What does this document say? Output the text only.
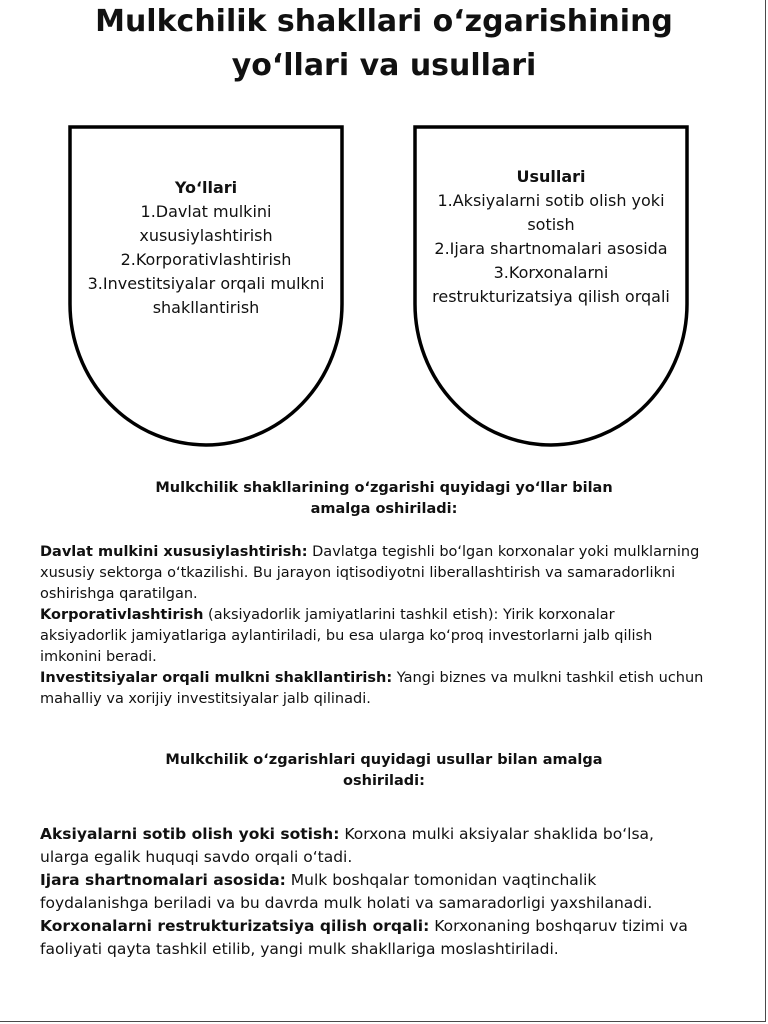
Mulkchilik shakllari o‘zgarishining
yo‘llari va usullari
Yo‘llari
1.Davlat mulkini
xususiylashtirish
2.Korporativlashtirish
3.Investitsiyalar orqali mulkni
shakllantirish
Usullari
1.Aksiyalarni sotib olish yoki
sotish
2.Ijara shartnomalari asosida
3.Korxonalarni
restrukturizatsiya qilish orqali
Mulkchilik shakllarining o‘zgarishi quyidagi yo‘llar bilan
amalga oshiriladi:

Davlat mulkini xususiylashtirish: Davlatga tegishli bo‘lgan korxonalar yoki mulklarning
xususiy sektorga o‘tkazilishi. Bu jarayon iqtisodiyotni liberallashtirish va samaradorlikni
oshirishga qaratilgan.

Korporativlashtirish (aksiyadorlik jamiyatlarini tashkil etish): Yirik korxonalar
aksiyadorlik jamiyatlariga aylantiriladi, bu esa ularga ko‘proq investorlarni jalb qilish
imkonini beradi.

Investitsiyalar orqali mulkni shakllantirish: Yangi biznes va mulkni tashkil etish uchun
mahalliy va xorijiy investitsiyalar jalb qilinadi.

Mulkchilik o‘zgarishlari quyidagi usullar bilan amalga
oshiriladi:

Aksiyalarni sotib olish yoki sotish: Korxona mulki aksiyalar shaklida bo‘lsa,
ularga egalik huquqi savdo orqali o‘tadi.

Ijara shartnomalari asosida: Mulk boshqalar tomonidan vaqtinchalik
foydalanishga beriladi va bu davrda mulk holati va samaradorligi yaxshilanadi.

Korxonalarni restrukturizatsiya qilish orqali: Korxonaning boshqaruv tizimi va
faoliyati qayta tashkil etilib, yangi mulk shakllariga moslashtiriladi.
